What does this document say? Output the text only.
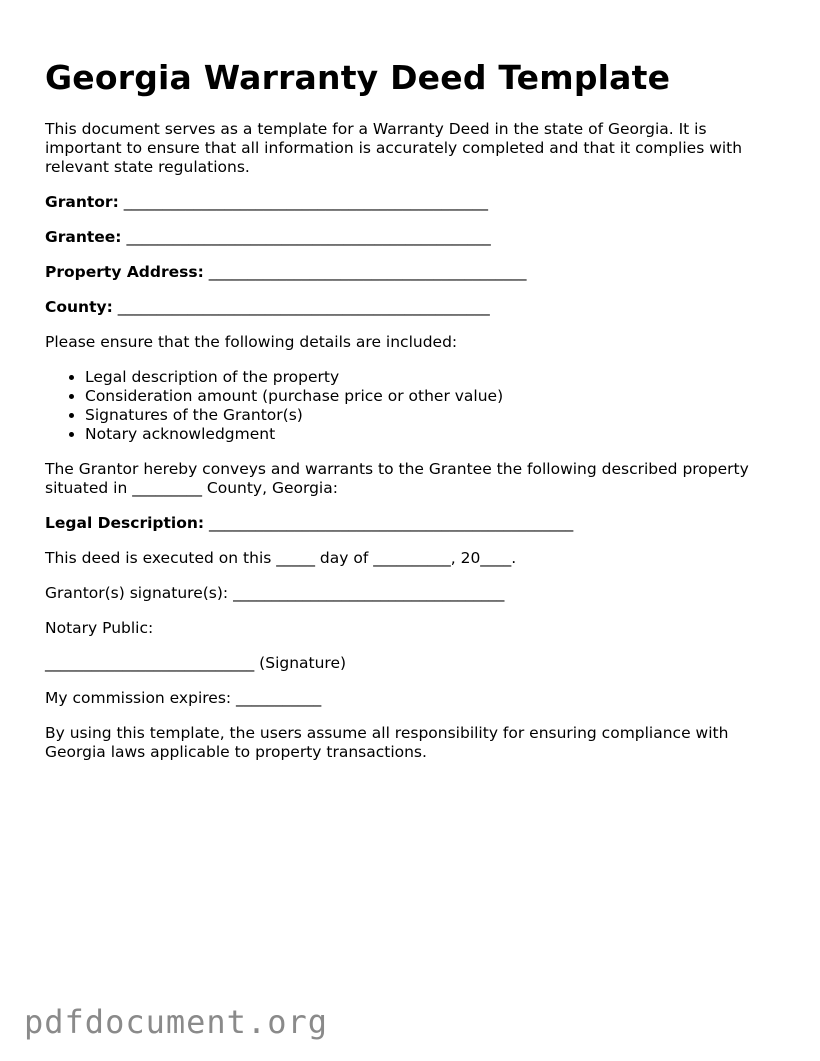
Georgia Warranty Deed Template

This document serves as a template for a Warranty Deed in the state of Georgia. It is important to ensure that all information is accurately completed and that it complies with relevant state regulations.

Grantor: _______________________________________________

Grantee: _______________________________________________

Property Address: _________________________________________

County: ________________________________________________

Please ensure that the following details are included:

• Legal description of the property
• Consideration amount (purchase price or other value)
• Signatures of the Grantor(s)
• Notary acknowledgment

The Grantor hereby conveys and warrants to the Grantee the following described property situated in _________ County, Georgia:

Legal Description: _______________________________________________

This deed is executed on this _____ day of __________, 20____.

Grantor(s) signature(s): ___________________________________

Notary Public:

___________________________ (Signature)

My commission expires: ___________

By using this template, the users assume all responsibility for ensuring compliance with Georgia laws applicable to property transactions.

pdfdocument.org
